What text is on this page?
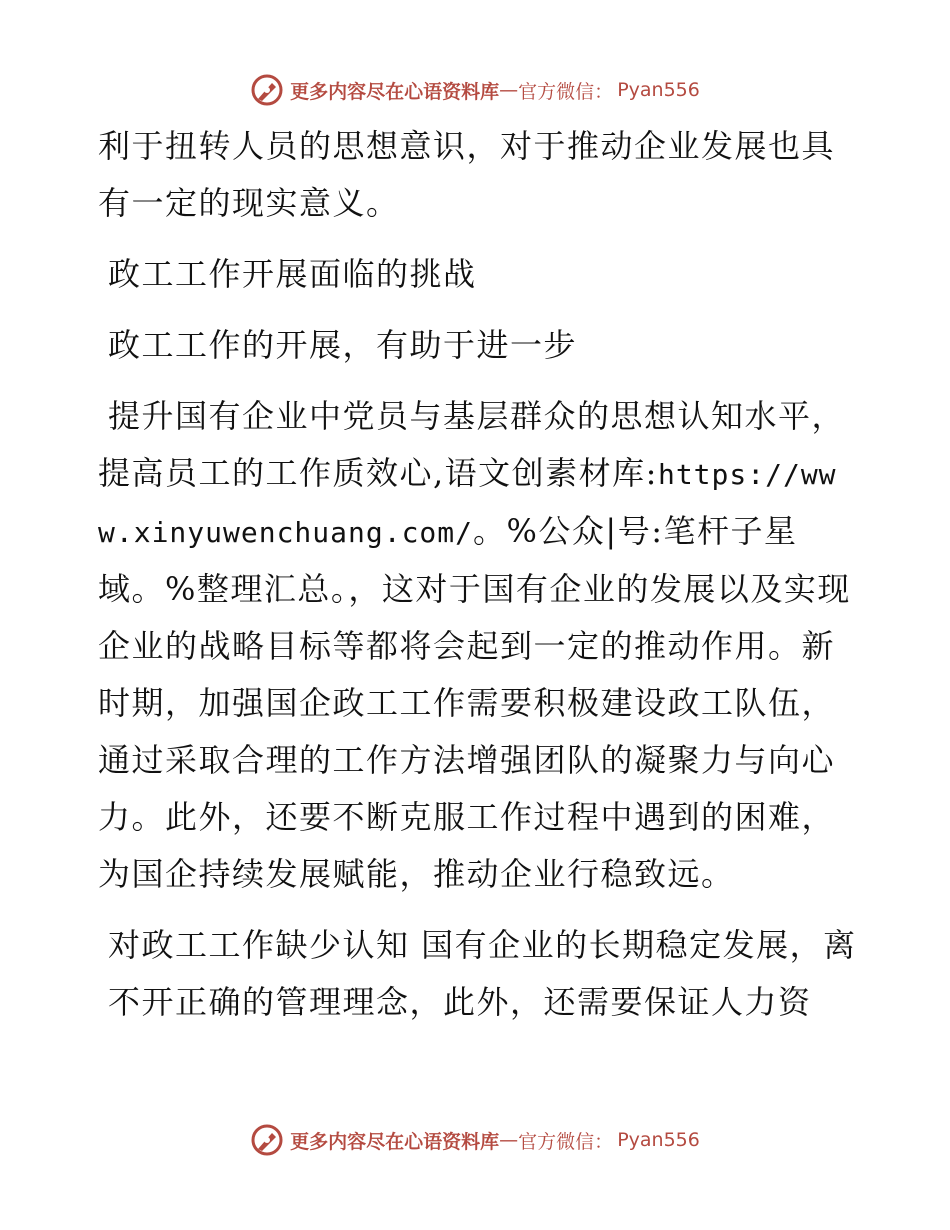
更多内容尽在心语资料库 — 官方微信： Pyan556

利于扭转人员的思想意识，对于推动企业发展也具有一定的现实意义。

政工工作开展面临的挑战

政工工作的开展，有助于进一步

提升国有企业中党员与基层群众的思想认知水平，提高员工的工作质效心,语文创素材库:https://www.xinyuwenchuang.com/。%公众|号:笔杆子星域。%整理汇总。，这对于国有企业的发展以及实现企业的战略目标等都将会起到一定的推动作用。新时期，加强国企政工工作需要积极建设政工队伍，通过采取合理的工作方法增强团队的凝聚力与向心力。此外，还要不断克服工作过程中遇到的困难，为国企持续发展赋能，推动企业行稳致远。

对政工工作缺少认知 国有企业的长期稳定发展，离不开正确的管理理念，此外，还需要保证人力资

更多内容尽在心语资料库 — 官方微信： Pyan556
